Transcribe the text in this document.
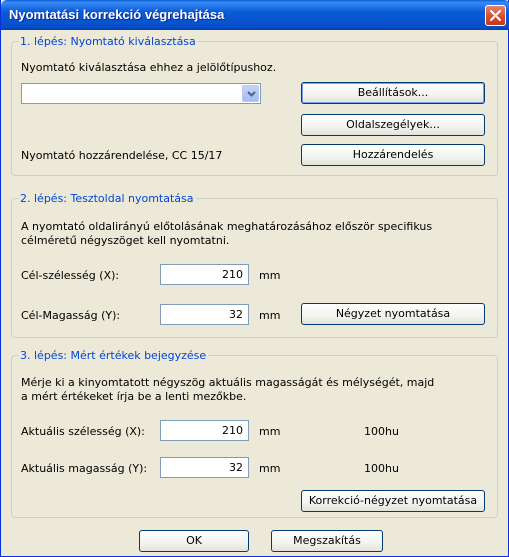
Nyomtatási korrekció végrehajtása
1. lépés: Nyomtató kiválasztása
Nyomtató kiválasztása ehhez a jelölőtípushoz.
Beállítások...
Oldalszegélyek...
Nyomtató hozzárendelése, CC 15/17	Hozzárendelés
2. lépés: Tesztoldal nyomtatása
A nyomtató oldalirányú előtolásának meghatározásához először specifikus
célméretű négyszöget kell nyomtatni.
Cél-szélesség (X):	210	mm
Cél-Magasság (Y):	32	mm	Négyzet nyomtatása
3. lépés: Mért értékek bejegyzése
Mérje ki a kinyomtatott négyszög aktuális magasságát és mélységét, majd
a mért értékeket írja be a lenti mezőkbe.
Aktuális szélesség (X):	210	mm	100hu
Aktuális magasság (Y):	32	mm	100hu
Korrekció-négyzet nyomtatása
OK	Megszakítás
